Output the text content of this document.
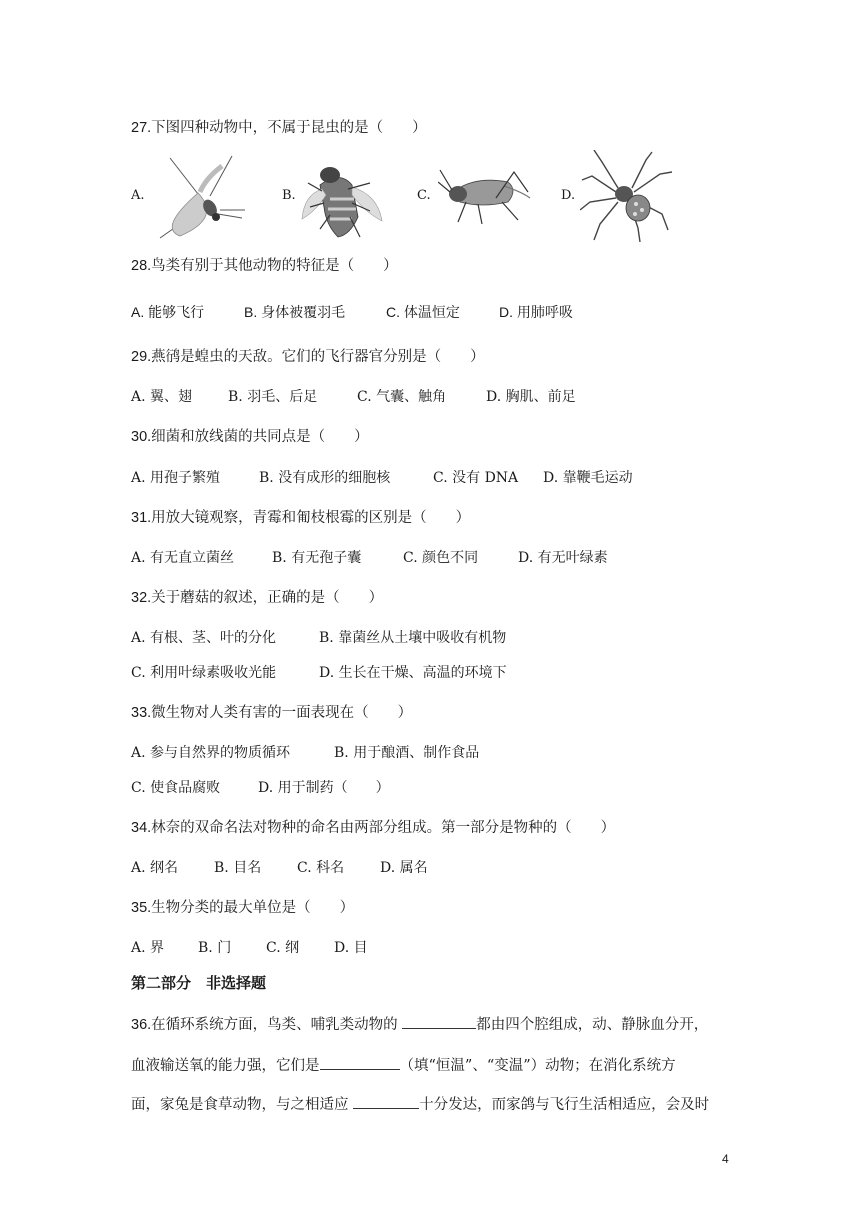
27.下图四种动物中，不属于昆虫的是（　　）
A.	B.	C.	D.
28.鸟类有别于其他动物的特征是（　　）
A. 能够飞行	B. 身体被覆羽毛	C. 体温恒定	D. 用肺呼吸
29.燕鸻是蝗虫的天敌。它们的飞行器官分别是（　　）
A. 翼、翅	B. 羽毛、后足	C. 气囊、触角	D. 胸肌、前足
30.细菌和放线菌的共同点是（　　）
A. 用孢子繁殖	B. 没有成形的细胞核	C. 没有 DNA D. 靠鞭毛运动
31.用放大镜观察，青霉和匍枝根霉的区别是（　　）
A. 有无直立菌丝	B. 有无孢子囊	C. 颜色不同	D. 有无叶绿素
32.关于蘑菇的叙述，正确的是（　　）
A. 有根、茎、叶的分化	B. 靠菌丝从土壤中吸收有机物
C. 利用叶绿素吸收光能	D. 生长在干燥、高温的环境下
33.微生物对人类有害的一面表现在（　　）
A. 参与自然界的物质循环	B. 用于酿酒、制作食品
C. 使食品腐败	D. 用于制药（　　）
34.林奈的双命名法对物种的命名由两部分组成。第一部分是物种的（　　）
A. 纲名	B. 目名	C. 科名	D. 属名
35.生物分类的最大单位是（　　）
A. 界 B. 门 C. 纲 D. 目
第二部分　非选择题
36.在循环系统方面，鸟类、哺乳类动物的	都由四个腔组成，动、静脉血分开，
血液输送氧的能力强，它们是	（填“恒温”、“变温”）动物；在消化系统方
面，家兔是食草动物，与之相适应	十分发达，而家鸽与飞行生活相适应，会及时
4
